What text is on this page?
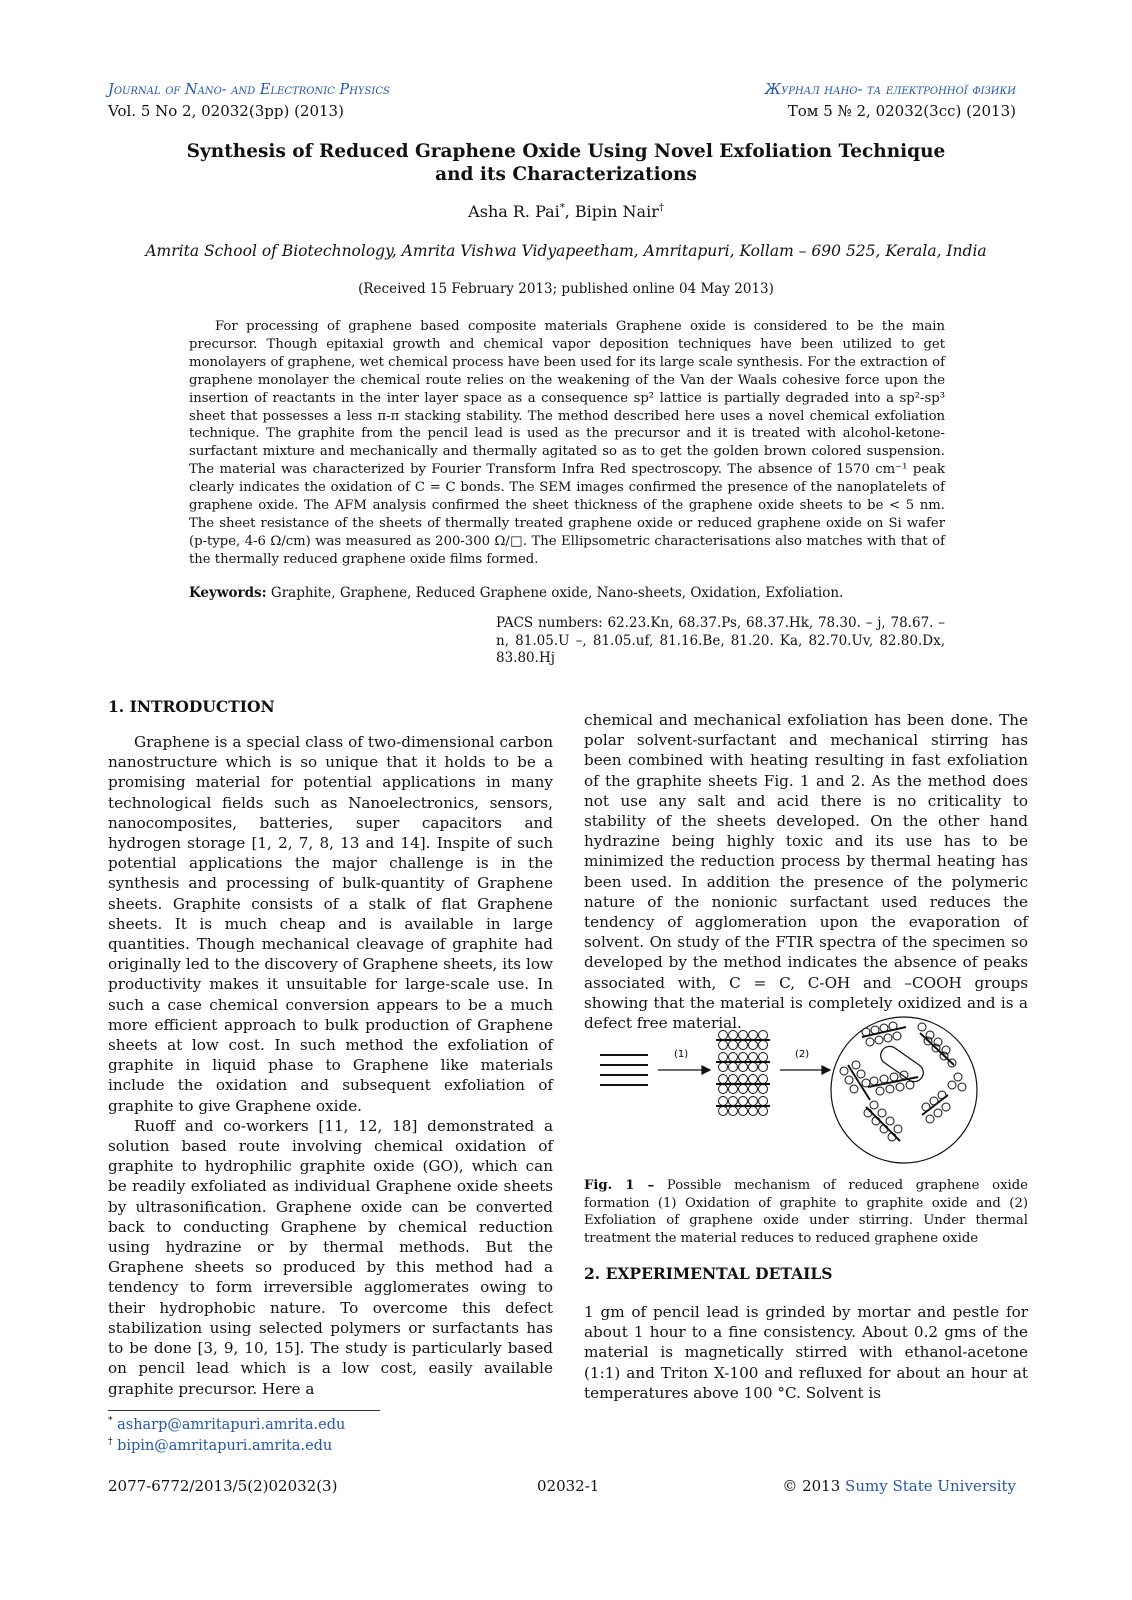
Journal of Nano- and Electronic Physics	Журнал нано- та електронної фізики
Vol. 5 No 2, 02032(3pp) (2013)	Том 5 № 2, 02032(3сс) (2013)
Synthesis of Reduced Graphene Oxide Using Novel Exfoliation Technique
and its Characterizations
Asha R. Pai*, Bipin Nair†
Amrita School of Biotechnology, Amrita Vishwa Vidyapeetham, Amritapuri, Kollam – 690 525, Kerala, India
(Received 15 February 2013; published online 04 May 2013)

For processing of graphene based composite materials Graphene oxide is considered to be the main precursor. Though epitaxial growth and chemical vapor deposition techniques have been utilized to get monolayers of graphene, wet chemical process have been used for its large scale synthesis. For the extraction of graphene monolayer the chemical route relies on the weakening of the Van der Waals cohesive force upon the insertion of reactants in the inter layer space as a consequence sp² lattice is partially degraded into a sp²-sp³ sheet that possesses a less π-π stacking stability. The method described here uses a novel chemical exfoliation technique. The graphite from the pencil lead is used as the precursor and it is treated with alcohol-ketone-surfactant mixture and mechanically and thermally agitated so as to get the golden brown colored suspension. The material was characterized by Fourier Transform Infra Red spectroscopy. The absence of 1570 cm⁻¹ peak clearly indicates the oxidation of C = C bonds. The SEM images confirmed the presence of the nanoplatelets of graphene oxide. The AFM analysis confirmed the sheet thickness of the graphene oxide sheets to be < 5 nm. The sheet resistance of the sheets of thermally treated graphene oxide or reduced graphene oxide on Si wafer (p-type, 4-6 Ω/cm) was measured as 200-300 Ω/□. The Ellipsometric characterisations also matches with that of the thermally reduced graphene oxide films formed.

Keywords: Graphite, Graphene, Reduced Graphene oxide, Nano-sheets, Oxidation, Exfoliation.
PACS numbers: 62.23.Kn, 68.37.Ps, 68.37.Hk, 78.30. – j, 78.67. – n, 81.05.U –, 81.05.uf, 81.16.Be, 81.20. Ka, 82.70.Uv, 82.80.Dx, 83.80.Hj
1. INTRODUCTION

Graphene is a special class of two-dimensional carbon nanostructure which is so unique that it holds to be a promising material for potential applications in many technological fields such as Nanoelectronics, sensors, nanocomposites, batteries, super capacitors and hydrogen storage [1, 2, 7, 8, 13 and 14]. Inspite of such potential applications the major challenge is in the synthesis and processing of bulk-quantity of Graphene sheets. Graphite consists of a stalk of flat Graphene sheets. It is much cheap and is available in large quantities. Though mechanical cleavage of graphite had originally led to the discovery of Graphene sheets, its low productivity makes it unsuitable for large-scale use. In such a case chemical conversion appears to be a much more efficient approach to bulk production of Graphene sheets at low cost. In such method the exfoliation of graphite in liquid phase to Graphene like materials include the oxidation and subsequent exfoliation of graphite to give Graphene oxide.

Ruoff and co-workers [11, 12, 18] demonstrated a solution based route involving chemical oxidation of graphite to hydrophilic graphite oxide (GO), which can be readily exfoliated as individual Graphene oxide sheets by ultrasonification. Graphene oxide can be converted back to conducting Graphene by chemical reduction using hydrazine or by thermal methods. But the Graphene sheets so produced by this method had a tendency to form irreversible agglomerates owing to their hydrophobic nature. To overcome this defect stabilization using selected polymers or surfactants has to be done [3, 9, 10, 15]. The study is particularly based on pencil lead which is a low cost, easily available graphite precursor. Here a

chemical and mechanical exfoliation has been done. The polar solvent-surfactant and mechanical stirring has been combined with heating resulting in fast exfoliation of the graphite sheets Fig. 1 and 2. As the method does not use any salt and acid there is no criticality to stability of the sheets developed. On the other hand hydrazine being highly toxic and its use has to be minimized the reduction process by thermal heating has been used. In addition the presence of the polymeric nature of the nonionic surfactant used reduces the tendency of agglomeration upon the evaporation of solvent. On study of the FTIR spectra of the specimen so developed by the method indicates the absence of peaks associated with, C = C, C-OH and –COOH groups showing that the material is completely oxidized and is a defect free material.

(1)	(2)
Fig. 1 – Possible mechanism of reduced graphene oxide formation (1) Oxidation of graphite to graphite oxide and (2) Exfoliation of graphene oxide under stirring. Under thermal treatment the material reduces to reduced graphene oxide
2. EXPERIMENTAL DETAILS

1 gm of pencil lead is grinded by mortar and pestle for about 1 hour to a fine consistency. About 0.2 gms of the material is magnetically stirred with ethanol-acetone (1:1) and Triton X-100 and refluxed for about an hour at temperatures above 100 °C. Solvent is

* asharp@amritapuri.amrita.edu
† bipin@amritapuri.amrita.edu
2077-6772/2013/5(2)02032(3)	02032-1	© 2013 Sumy State University
